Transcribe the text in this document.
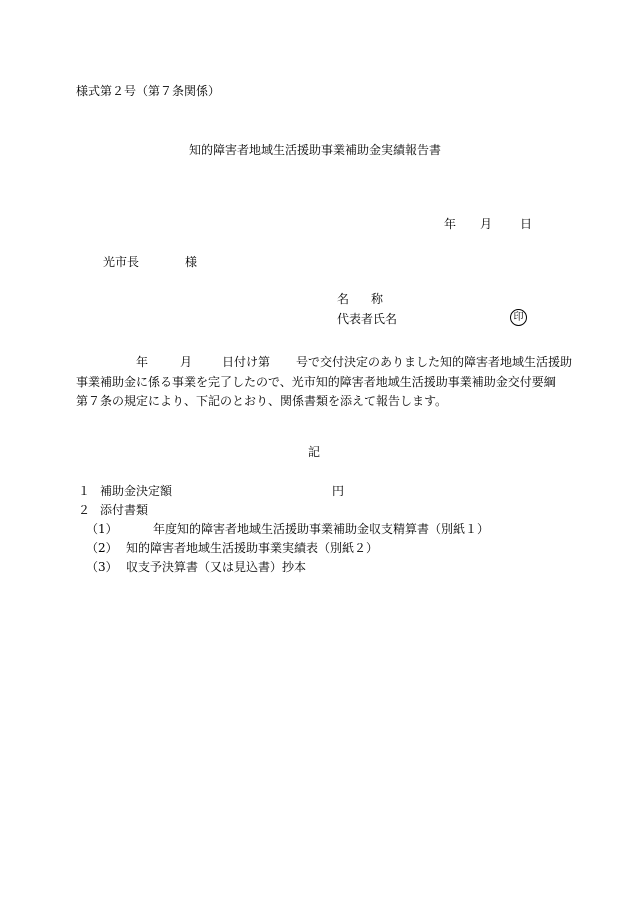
様式第２号（第７条関係）
知的障害者地域生活援助事業補助金実績報告書
年 月 日
光市長	様
名称
代表者氏名	印
年	月	日付け第 号で交付決定のありました知的障害者地域生活援助
事業補助金に係る事業を完了したので、光市知的障害者地域生活援助事業補助金交付要綱
第７条の規定により、下記のとおり、関係書類を添えて報告します。
記
１ 補助金決定額	円
２ 添付書類
（1）	年度知的障害者地域生活援助事業補助金収支精算書（別紙１）
（2） 知的障害者地域生活援助事業実績表（別紙２）
（3） 収支予決算書（又は見込書）抄本
